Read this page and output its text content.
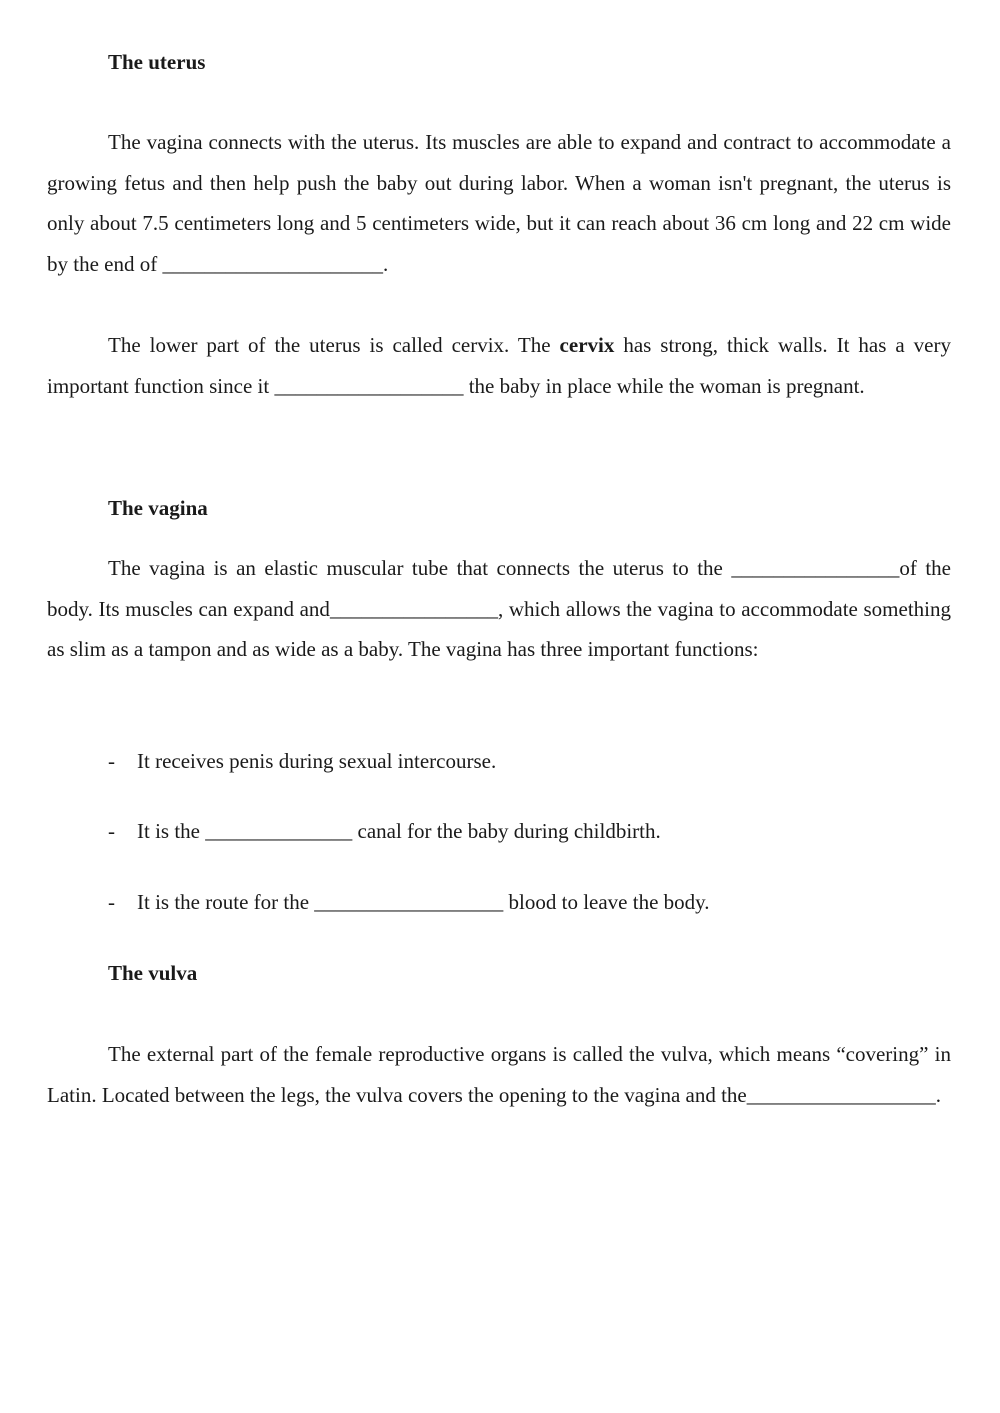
The uterus

The vagina connects with the uterus. Its muscles are able to expand and contract to accommodate a growing fetus and then help push the baby out during labor. When a woman isn't pregnant, the uterus is only about 7.5 centimeters long and 5 centimeters wide, but it can reach about 36 cm long and 22 cm wide by the end of _____________________.

The lower part of the uterus is called cervix. The cervix has strong, thick walls. It has a very important function since it __________________ the baby in place while the woman is pregnant.

The vagina

The vagina is an elastic muscular tube that connects the uterus to the ________________of the body. Its muscles can expand and________________, which allows the vagina to accommodate something as slim as a tampon and as wide as a baby. The vagina has three important functions:

- It receives penis during sexual intercourse.

- It is the ______________ canal for the baby during childbirth.

- It is the route for the __________________ blood to leave the body.

The vulva

The external part of the female reproductive organs is called the vulva, which means “covering” in Latin. Located between the legs, the vulva covers the opening to the vagina and the__________________.
